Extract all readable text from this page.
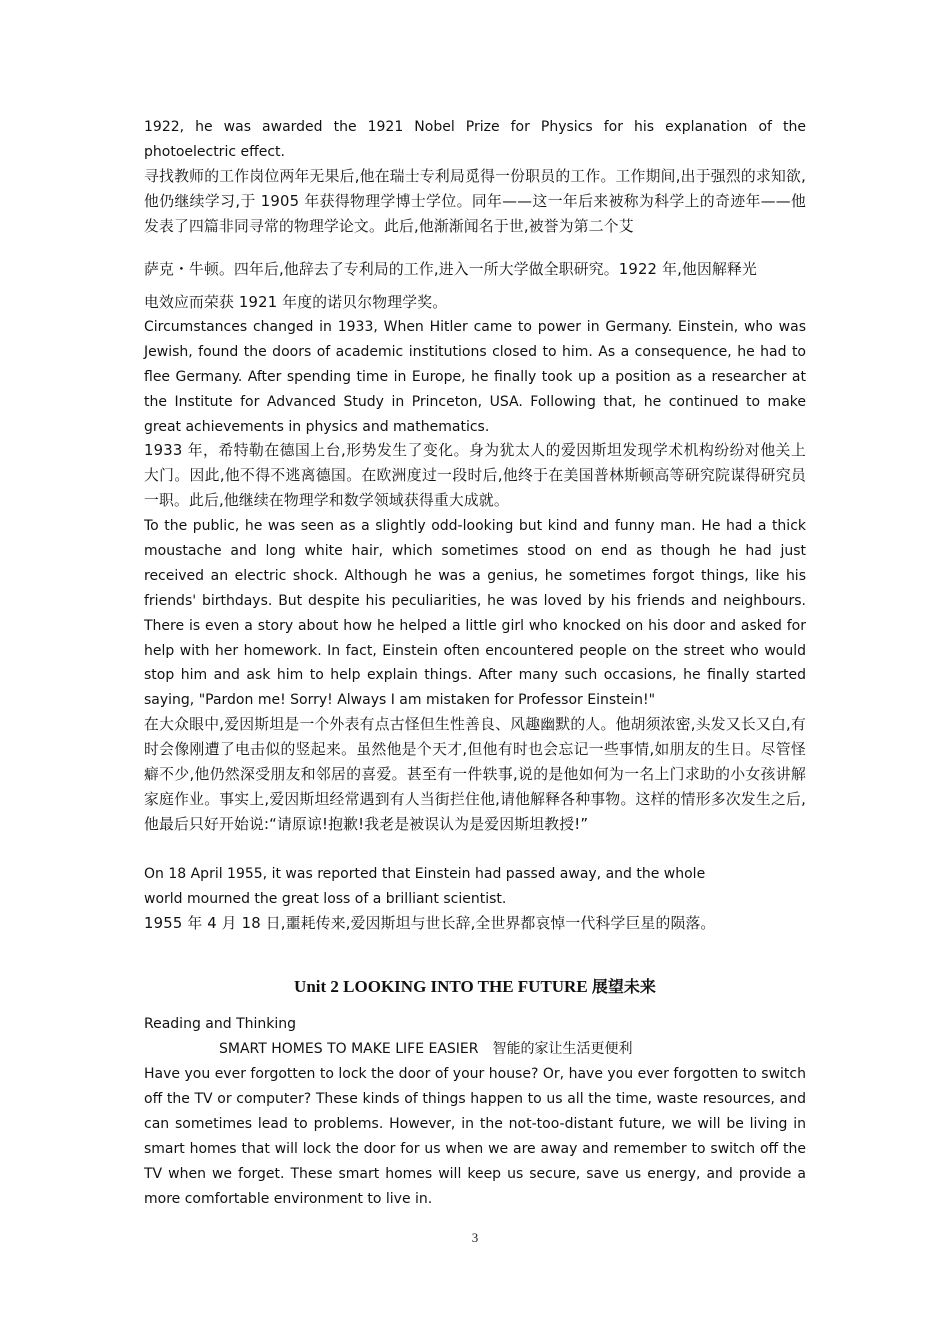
1922, he was awarded the 1921 Nobel Prize for Physics for his explanation of the photoelectric effect.

寻找教师的工作岗位两年无果后,他在瑞士专利局觅得一份职员的工作。工作期间,出于强烈的求知欲,他仍继续学习,于 1905 年获得物理学博士学位。同年——这一年后来被称为科学上的奇迹年——他发表了四篇非同寻常的物理学论文。此后,他渐渐闻名于世,被誉为第二个艾

萨克・牛顿。四年后,他辞去了专利局的工作,进入一所大学做全职研究。1922 年,他因解释光

电效应而荣获 1921 年度的诺贝尔物理学奖。

Circumstances changed in 1933, When Hitler came to power in Germany. Einstein, who was Jewish, found the doors of academic institutions closed to him. As a consequence, he had to flee Germany. After spending time in Europe, he finally took up a position as a researcher at the Institute for Advanced Study in Princeton, USA. Following that, he continued to make great achievements in physics and mathematics.

1933 年，希特勒在德国上台,形势发生了变化。身为犹太人的爱因斯坦发现学术机构纷纷对他关上大门。因此,他不得不逃离德国。在欧洲度过一段时后,他终于在美国普林斯顿高等研究院谋得研究员一职。此后,他继续在物理学和数学领域获得重大成就。

To the public, he was seen as a slightly odd-looking but kind and funny man. He had a thick moustache and long white hair, which sometimes stood on end as though he had just received an electric shock. Although he was a genius, he sometimes forgot things, like his friends' birthdays. But despite his peculiarities, he was loved by his friends and neighbours. There is even a story about how he helped a little girl who knocked on his door and asked for help with her homework. In fact, Einstein often encountered people on the street who would stop him and ask him to help explain things. After many such occasions, he finally started saying, "Pardon me! Sorry! Always I am mistaken for Professor Einstein!"

在大众眼中,爱因斯坦是一个外表有点古怪但生性善良、风趣幽默的人。他胡须浓密,头发又长又白,有时会像刚遭了电击似的竖起来。虽然他是个天才,但他有时也会忘记一些事情,如朋友的生日。尽管怪癖不少,他仍然深受朋友和邻居的喜爱。甚至有一件轶事,说的是他如何为一名上门求助的小女孩讲解家庭作业。事实上,爱因斯坦经常遇到有人当街拦住他,请他解释各种事物。这样的情形多次发生之后,他最后只好开始说:“请原谅!抱歉!我老是被误认为是爱因斯坦教授!”

On 18 April 1955, it was reported that Einstein had passed away, and the whole

world mourned the great loss of a brilliant scientist.

1955 年 4 月 18 日,噩耗传来,爱因斯坦与世长辞,全世界都哀悼一代科学巨星的陨落。

Unit 2 LOOKING INTO THE FUTURE 展望未来

Reading and Thinking

SMART HOMES TO MAKE LIFE EASIER　智能的家让生活更便利

Have you ever forgotten to lock the door of your house? Or, have you ever forgotten to switch off the TV or computer? These kinds of things happen to us all the time, waste resources, and can sometimes lead to problems. However, in the not-too-distant future, we will be living in smart homes that will lock the door for us when we are away and remember to switch off the TV when we forget. These smart homes will keep us secure, save us energy, and provide a more comfortable environment to live in.

3
